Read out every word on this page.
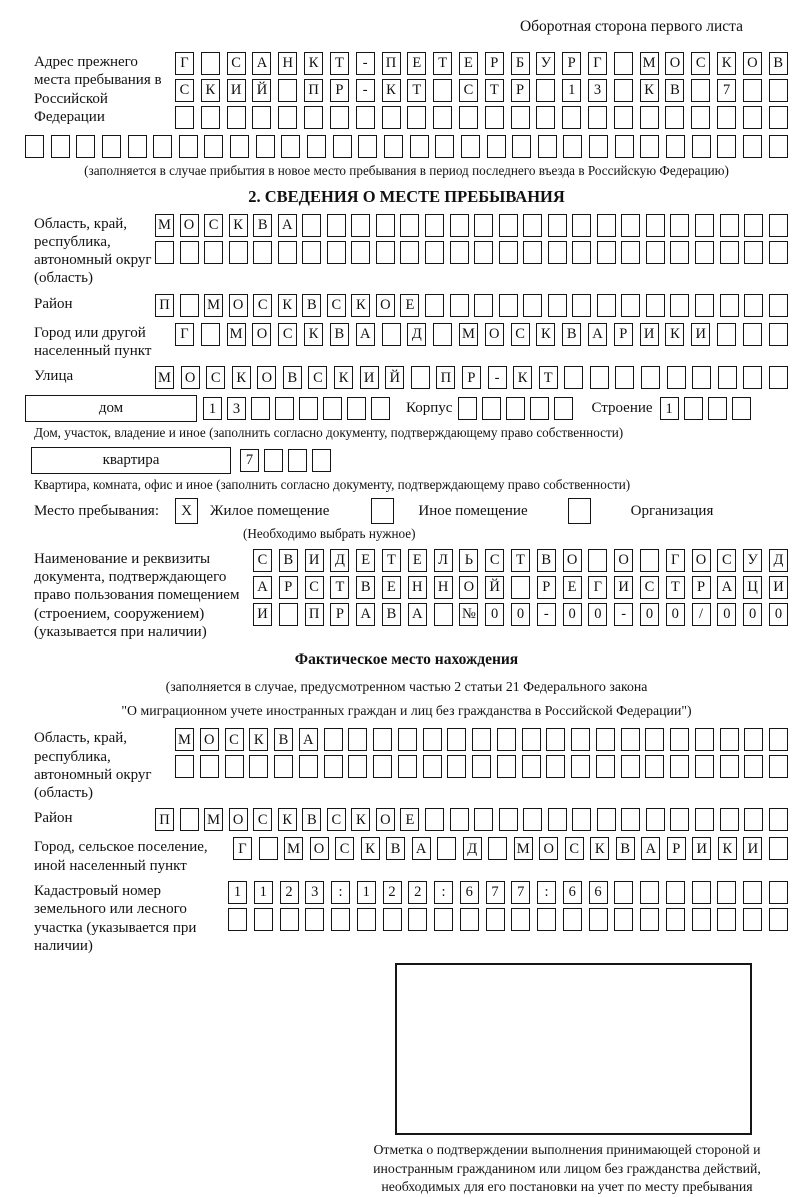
Оборотная сторона первого листа
Адрес прежнего места пребывания в Российской Федерации
Г	С	А Н	К	Т	-	П	Е	Т	Е	Р	Б	У	Р	Г	М О	С	К	О	В
С	К	И Й	П	Р	-	К	Т	С	Т	Р	1	3	К	В	7
(заполняется в случае прибытия в новое место пребывания в период последнего въезда в Российскую Федерацию)
2. СВЕДЕНИЯ О МЕСТЕ ПРЕБЫВАНИЯ
Область, край, республика, автономный округ (область)
М О С	К	В А
Район	П	М О С	К	В	С	К О	Е
Город или другой населенный пункт
Г	М О	С	К	В	А	Д	М О	С	К	В	А	Р	И	К	И
Улица	М О	С	К	О	В	С	К	И Й	П	Р	-	К	Т
дом	1	3	Корпус	Строение 1
Дом, участок, владение и иное (заполнить согласно документу, подтверждающему право собственности)
квартира	7
Квартира, комната, офис и иное (заполнить согласно документу, подтверждающему право собственности)
Место пребывания:	X	Жилое помещение	Иное помещение	Организация
(Необходимо выбрать нужное)
Наименование и реквизиты документа, подтверждающего право пользования помещением (строением, сооружением) (указывается при наличии)
С	В	И	Д	Е	Т	Е	Л	Ь	С	Т	В	О	О	Г	О	С	У	Д
А	Р	С	Т	В	Е	Н Н О Й	Р	Е	Г	И	С	Т	Р	А Ц И
И	П	Р	А	В	А	№	0	0	-	0	0	-	0	0	/	0	0	0
Фактическое место нахождения
(заполняется в случае, предусмотренном частью 2 статьи 21 Федерального закона
"О миграционном учете иностранных граждан и лиц без гражданства в Российской Федерации")
Область, край, республика, автономный округ (область)
М О	С	К	В	А
Район	П	М О С	К	В	С	К О	Е
Город, сельское поселение, иной населенный пункт
Г	М О	С	К	В	А	Д	М О	С	К	В	А	Р	И	К	И
Кадастровый номер земельного или лесного участка (указывается при наличии)
1	1	2	3	:	1	2	2	:	6	7	7	:	6	6
Отметка о подтверждении выполнения принимающей стороной и иностранным гражданином или лицом без гражданства действий, необходимых для его постановки на учет по месту пребывания
